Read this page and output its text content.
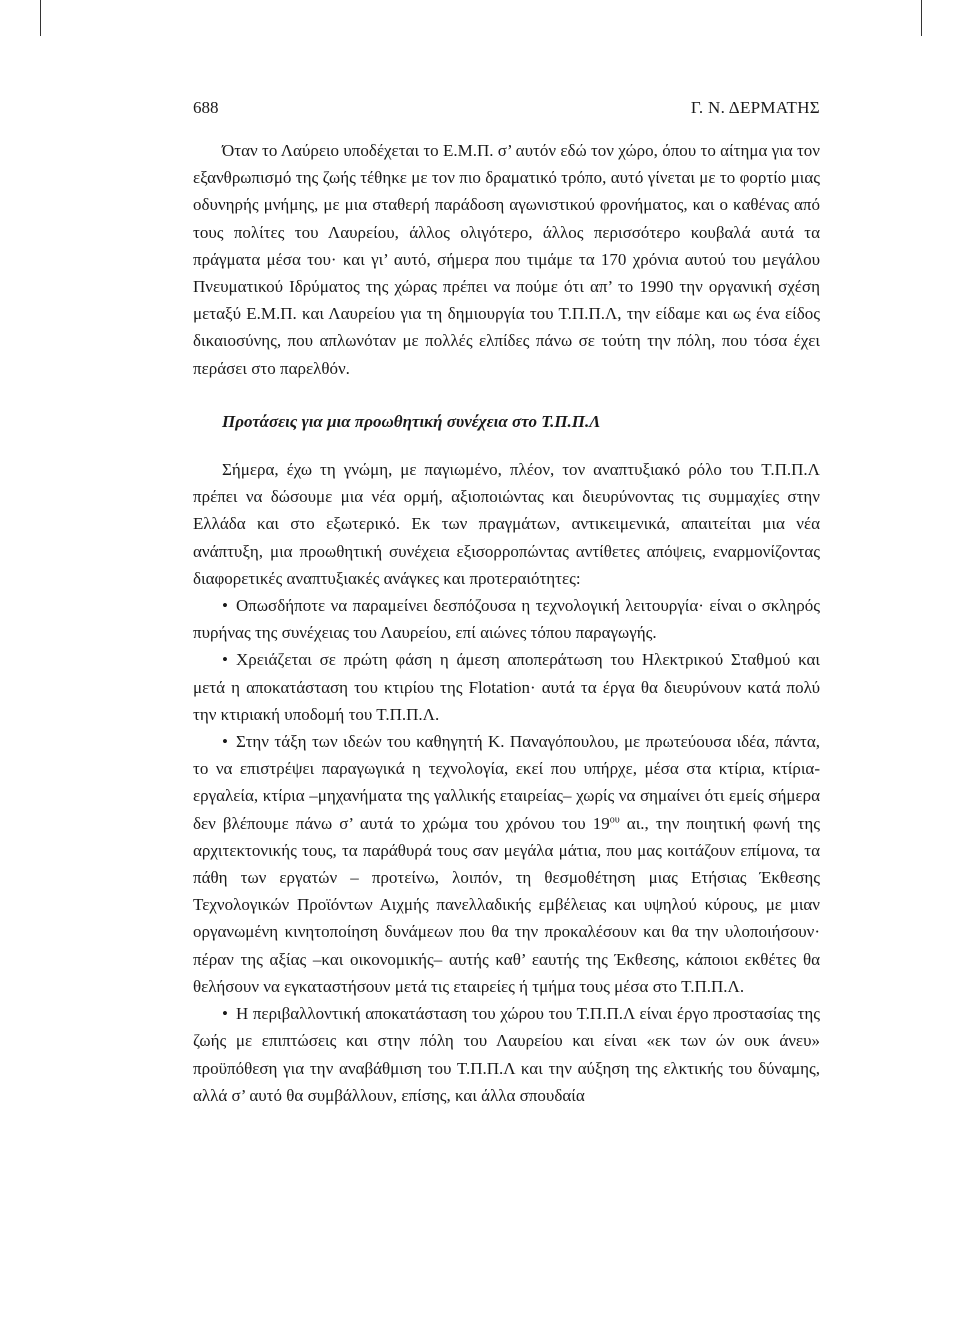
688	Γ. Ν. ΔΕΡΜΑΤΗΣ

Όταν το Λαύρειο υποδέχεται το Ε.Μ.Π. σ’ αυτόν εδώ τον χώρο, όπου το αίτημα για τον εξανθρωπισμό της ζωής τέθηκε με τον πιο δραματικό τρόπο, αυτό γίνεται με το φορτίο μιας οδυνηρής μνήμης, με μια σταθερή παράδοση αγωνιστικού φρονήματος, και ο καθένας από τους πολίτες του Λαυρείου, άλλος ολιγότερο, άλλος περισσότερο κουβαλά αυτά τα πράγματα μέσα του· και γι’ αυτό, σήμερα που τιμάμε τα 170 χρόνια αυτού του μεγάλου Πνευματικού Ιδρύματος της χώρας πρέπει να πούμε ότι απ’ το 1990 την οργανική σχέση μεταξύ Ε.Μ.Π. και Λαυρείου για τη δημιουργία του Τ.Π.Π.Λ, την είδαμε και ως ένα είδος δικαιοσύνης, που απλωνόταν με πολλές ελπίδες πάνω σε τούτη την πόλη, που τόσα έχει περάσει στο παρελθόν.

Προτάσεις για μια προωθητική συνέχεια στο Τ.Π.Π.Λ

Σήμερα, έχω τη γνώμη, με παγιωμένο, πλέον, τον αναπτυξιακό ρόλο του Τ.Π.Π.Λ πρέπει να δώσουμε μια νέα ορμή, αξιοποιώντας και διευρύνοντας τις συμμαχίες στην Ελλάδα και στο εξωτερικό. Εκ των πραγμάτων, αντικειμενικά, απαιτείται μια νέα ανάπτυξη, μια προωθητική συνέχεια εξισορροπώντας αντίθετες απόψεις, εναρμονίζοντας διαφορετικές αναπτυξιακές ανάγκες και προτεραιότητες:

• Οπωσδήποτε να παραμείνει δεσπόζουσα η τεχνολογική λειτουργία· είναι ο σκληρός πυρήνας της συνέχειας του Λαυρείου, επί αιώνες τόπου παραγωγής.

• Χρειάζεται σε πρώτη φάση η άμεση αποπεράτωση του Ηλεκτρικού Σταθμού και μετά η αποκατάσταση του κτιρίου της Flotation· αυτά τα έργα θα διευρύνουν κατά πολύ την κτιριακή υποδομή του Τ.Π.Π.Λ.

• Στην τάξη των ιδεών του καθηγητή Κ. Παναγόπουλου, με πρωτεύουσα ιδέα, πάντα, το να επιστρέψει παραγωγικά η τεχνολογία, εκεί που υπήρχε, μέσα στα κτίρια, κτίρια-εργαλεία, κτίρια –μηχανήματα της γαλλικής εταιρείας– χωρίς να σημαίνει ότι εμείς σήμερα δεν βλέπουμε πάνω σ’ αυτά το χρώμα του χρόνου του $19^{o\upsilon}$ αι., την ποιητική φωνή της αρχιτεκτονικής τους, τα παράθυρά τους σαν μεγάλα μάτια, που μας κοιτάζουν επίμονα, τα πάθη των εργατών – προτείνω, λοιπόν, τη θεσμοθέτηση μιας Ετήσιας Έκθεσης Τεχνολογικών Προϊόντων Αιχμής πανελλαδικής εμβέλειας και υψηλού κύρους, με μιαν οργανωμένη κινητοποίηση δυνάμεων που θα την προκαλέσουν και θα την υλοποιήσουν· πέραν της αξίας –και οικονομικής– αυτής καθ’ εαυτής της Έκθεσης, κάποιοι εκθέτες θα θελήσουν να εγκαταστήσουν μετά τις εταιρείες ή τμήμα τους μέσα στο Τ.Π.Π.Λ.

• Η περιβαλλοντική αποκατάσταση του χώρου του Τ.Π.Π.Λ είναι έργο προστασίας της ζωής με επιπτώσεις και στην πόλη του Λαυρείου και είναι «εκ των ών ουκ άνευ» προϋπόθεση για την αναβάθμιση του Τ.Π.Π.Λ και την αύξηση της ελκτικής του δύναμης, αλλά σ’ αυτό θα συμβάλλουν, επίσης, και άλλα σπουδαία
